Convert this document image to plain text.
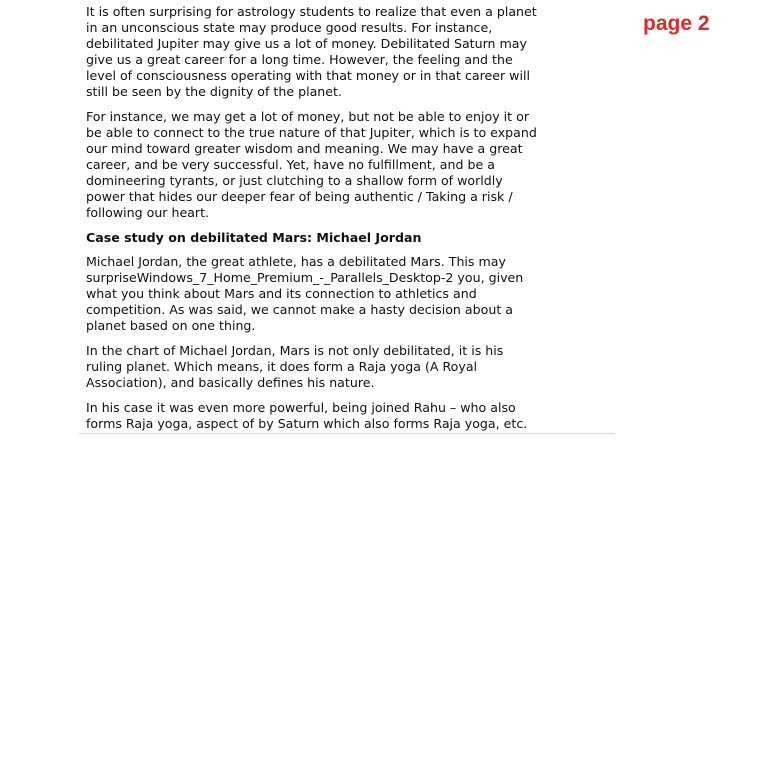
It is often surprising for astrology students to realize that even a planet
in an unconscious state may produce good results. For instance,
debilitated Jupiter may give us a lot of money. Debilitated Saturn may
give us a great career for a long time. However, the feeling and the
level of consciousness operating with that money or in that career will
still be seen by the dignity of the planet.

For instance, we may get a lot of money, but not be able to enjoy it or
be able to connect to the true nature of that Jupiter, which is to expand
our mind toward greater wisdom and meaning. We may have a great
career, and be very successful. Yet, have no fulfillment, and be a
domineering tyrants, or just clutching to a shallow form of worldly
power that hides our deeper fear of being authentic / Taking a risk /
following our heart.

Case study on debilitated Mars: Michael Jordan

Michael Jordan, the great athlete, has a debilitated Mars. This may
surpriseWindows_7_Home_Premium_-_Parallels_Desktop-2 you, given
what you think about Mars and its connection to athletics and
competition. As was said, we cannot make a hasty decision about a
planet based on one thing.

In the chart of Michael Jordan, Mars is not only debilitated, it is his
ruling planet. Which means, it does form a Raja yoga (A Royal
Association), and basically defines his nature.

In his case it was even more powerful, being joined Rahu – who also
forms Raja yoga, aspect of by Saturn which also forms Raja yoga, etc.

page 2
